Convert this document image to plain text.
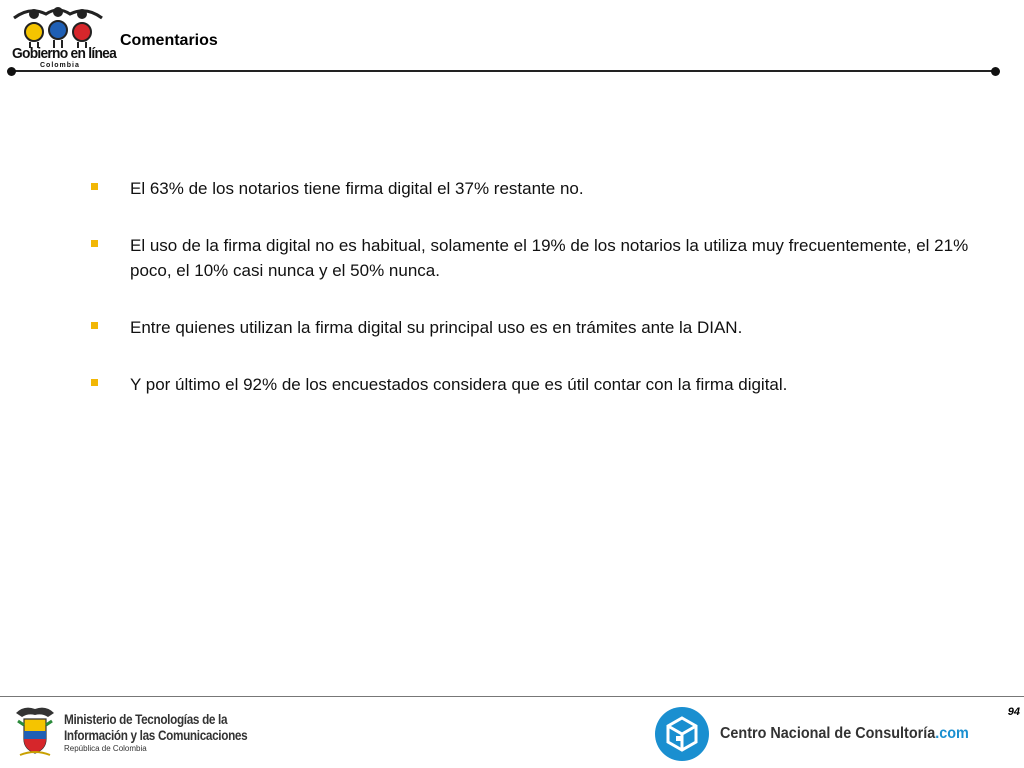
Gobierno en línea
Colombia
Comentarios
El 63% de los notarios tiene firma digital el 37% restante no.
El uso de la firma digital no es habitual, solamente el 19% de los notarios la utiliza muy frecuentemente, el 21% poco, el 10% casi nunca y el 50% nunca.
Entre quienes utilizan la firma digital su principal uso es en trámites ante la DIAN.
Y por último el 92% de los encuestados considera que es útil contar con la firma digital.
94
Ministerio de Tecnologías de la
Información y las Comunicaciones
República de Colombia
Centro Nacional de Consultoría.com
